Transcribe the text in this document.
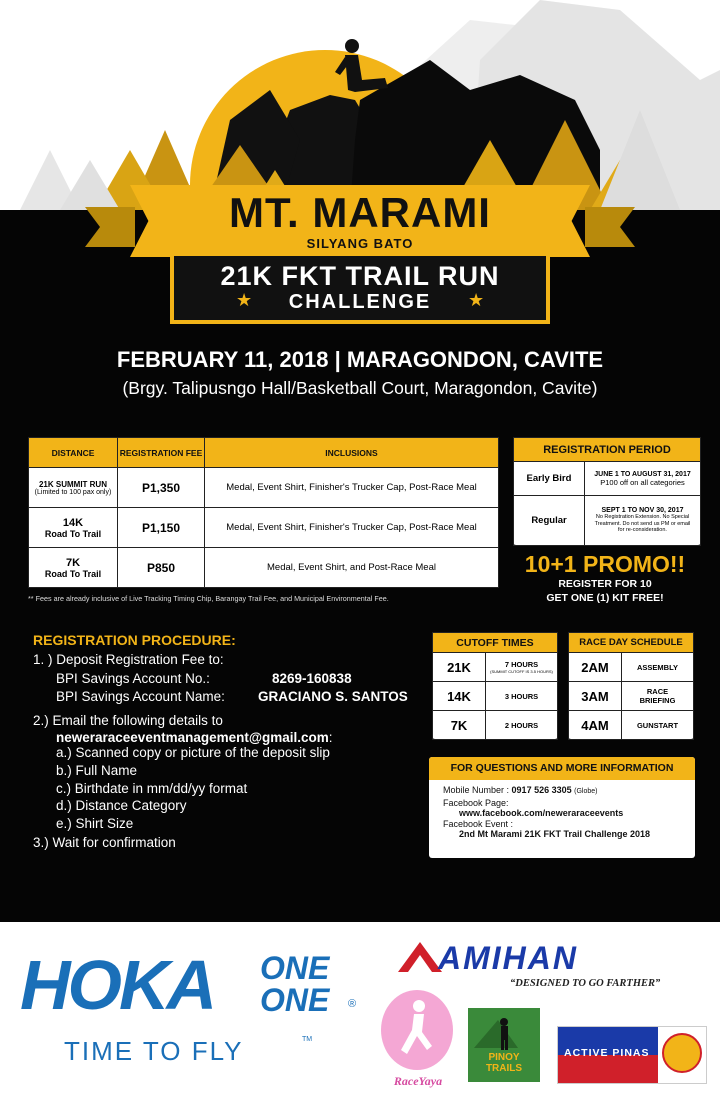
MT. MARAMI
SILYANG BATO
21K FKT TRAIL RUN
★	CHALLENGE	★
FEBRUARY 11, 2018 | MARAGONDON, CAVITE
(Brgy. Talipusngo Hall/Basketball Court, Maragondon, Cavite)
DISTANCE	REGISTRATION FEE	INCLUSIONS

21K SUMMIT RUN
(Limited to 100 pax only)	P1,350	Medal, Event Shirt, Finisher's Trucker Cap, Post-Race Meal

14K
Road To Trail	P1,150	Medal, Event Shirt, Finisher's Trucker Cap, Post-Race Meal

7K
Road To Trail	P850	Medal, Event Shirt, and Post-Race Meal
** Fees are already inclusive of Live Tracking Timing Chip, Barangay Trail Fee, and Municipal Environmental Fee.
REGISTRATION PERIOD	
Early Bird	JUNE 1 TO AUGUST 31, 2017
P100 off on all categories

Regular	SEPT 1 TO NOV 30, 2017
No Registration Extension. No Special Treatment. Do not send us PM or email for re-consideration.
10+1 PROMO!!
REGISTER FOR 10
GET ONE (1) KIT FREE!
REGISTRATION PROCEDURE:
1. ) Deposit Registration Fee to:
BPI Savings Account No.:	8269-160838
BPI Savings Account Name: GRACIANO S. SANTOS
2.) Email the following details to
neweraraceeventmanagement@gmail.com:
a.) Scanned copy or picture of the deposit slip
b.) Full Name
c.) Birthdate in mm/dd/yy format
d.) Distance Category
e.) Shirt Size
3.) Wait for confirmation
CUTOFF TIMES	
21K	7 HOURS
(SUMMIT CUTOFF IS 3.5 HOURS)

14K	3 HOURS
7K	2 HOURS
RACE DAY SCHEDULE	
2AM	ASSEMBLY
3AM	RACE BRIEFING

4AM	GUNSTART
FOR QUESTIONS AND MORE INFORMATION
Mobile Number : 0917 526 3305 (Globe)
Facebook Page:
www.facebook.com/neweraraceevents
Facebook Event :
2nd Mt Marami 21K FKT Trail Challenge 2018
HOKA ONE
ONE ®
TIME TO FLY	TM
AMIHAN
“DESIGNED TO GO FARTHER”
RaceYaya
PINOY TRAILS
ACTIVE PINAS
